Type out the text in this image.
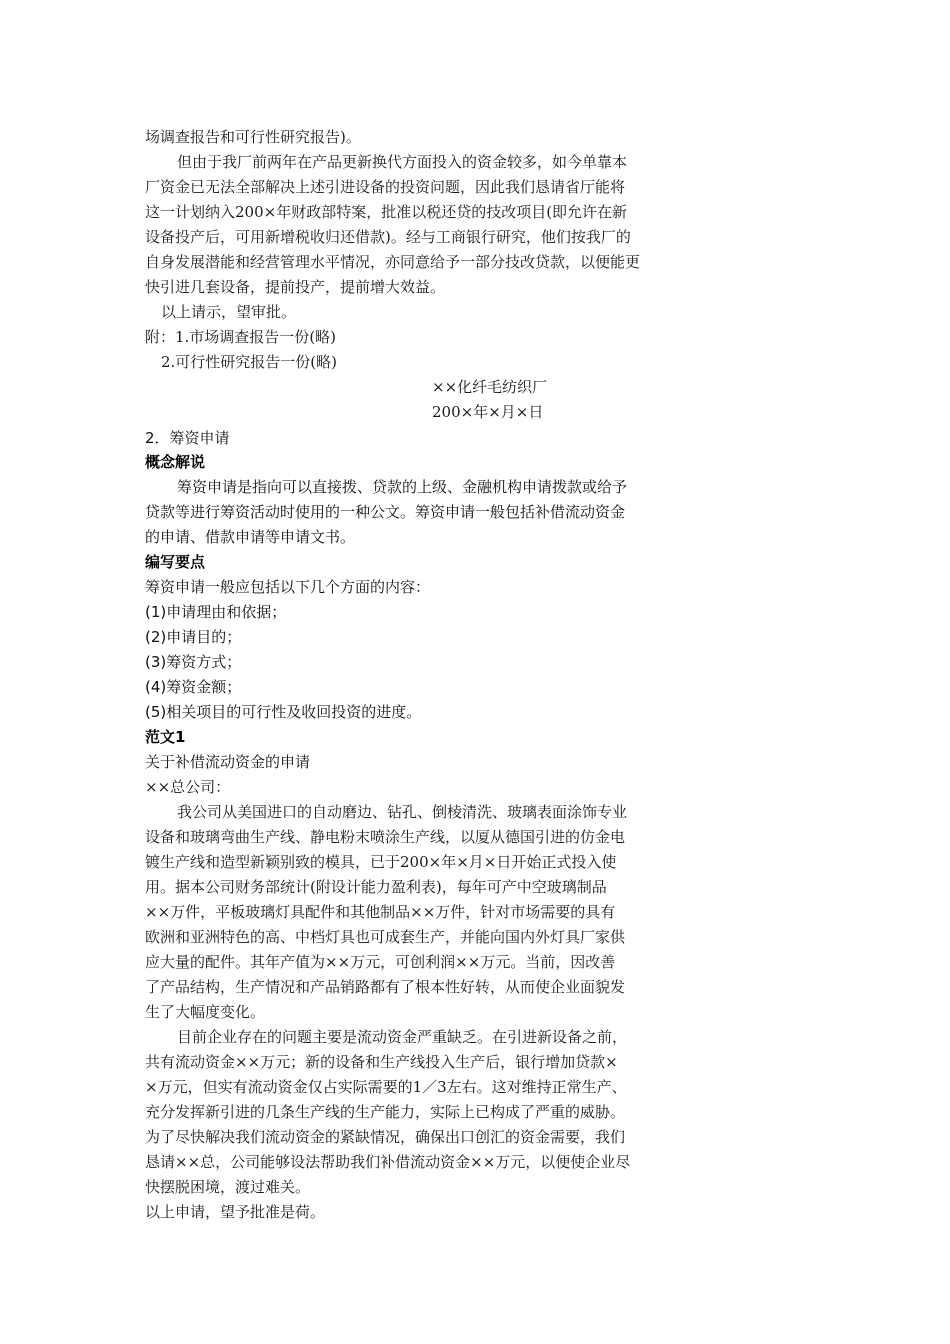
场调查报告和可行性研究报告)。
但由于我厂前两年在产品更新换代方面投入的资金较多，如今单靠本
厂资金已无法全部解决上述引进设备的投资问题，因此我们恳请省厅能将
这一计划纳入200×年财政部特案，批准以税还贷的技改项目(即允许在新
设备投产后，可用新增税收归还借款)。经与工商银行研究，他们按我厂的
自身发展潜能和经营管理水平情况，亦同意给予一部分技改贷款，以便能更
快引进几套设备，提前投产，提前增大效益。
以上请示，望审批。
附：1.市场调查报告一份(略)
2.可行性研究报告一份(略)
××化纤毛纺织厂
200×年×月×日
2．筹资申请
概念解说
筹资申请是指向可以直接拨、贷款的上级、金融机构申请拨款或给予
贷款等进行筹资活动时使用的一种公文。筹资申请一般包括补借流动资金
的申请、借款申请等申请文书。
编写要点
筹资申请一般应包括以下几个方面的内容：
(1)申请理由和依据；
(2)申请目的；
(3)筹资方式；
(4)筹资金额；
(5)相关项目的可行性及收回投资的进度。
范文1
关于补借流动资金的申请
××总公司：
我公司从美国进口的自动磨边、钻孔、倒棱清洗、玻璃表面涂饰专业
设备和玻璃弯曲生产线、静电粉末喷涂生产线，以厦从德国引进的仿金电
镀生产线和造型新颖别致的模具，已于200×年×月×日开始正式投入使
用。据本公司财务部统计(附设计能力盈利表)，每年可产中空玻璃制品
××万件，平板玻璃灯具配件和其他制品××万件，针对市场需要的具有
欧洲和亚洲特色的高、中档灯具也可成套生产，并能向国内外灯具厂家供
应大量的配件。其年产值为××万元，可创利润××万元。当前，因改善
了产品结构，生产情况和产品销路都有了根本性好转，从而使企业面貌发
生了大幅度变化。
目前企业存在的问题主要是流动资金严重缺乏。在引进新设备之前，
共有流动资金××万元；新的设备和生产线投入生产后，银行增加贷款×
×万元，但实有流动资金仅占实际需要的1／3左右。这对维持正常生产、
充分发挥新引进的几条生产线的生产能力，实际上已构成了严重的威胁。
为了尽快解决我们流动资金的紧缺情况，确保出口创汇的资金需要，我们
恳请××总，公司能够设法帮助我们补借流动资金××万元，以便使企业尽
快摆脱困境，渡过难关。
以上申请，望予批准是荷。
